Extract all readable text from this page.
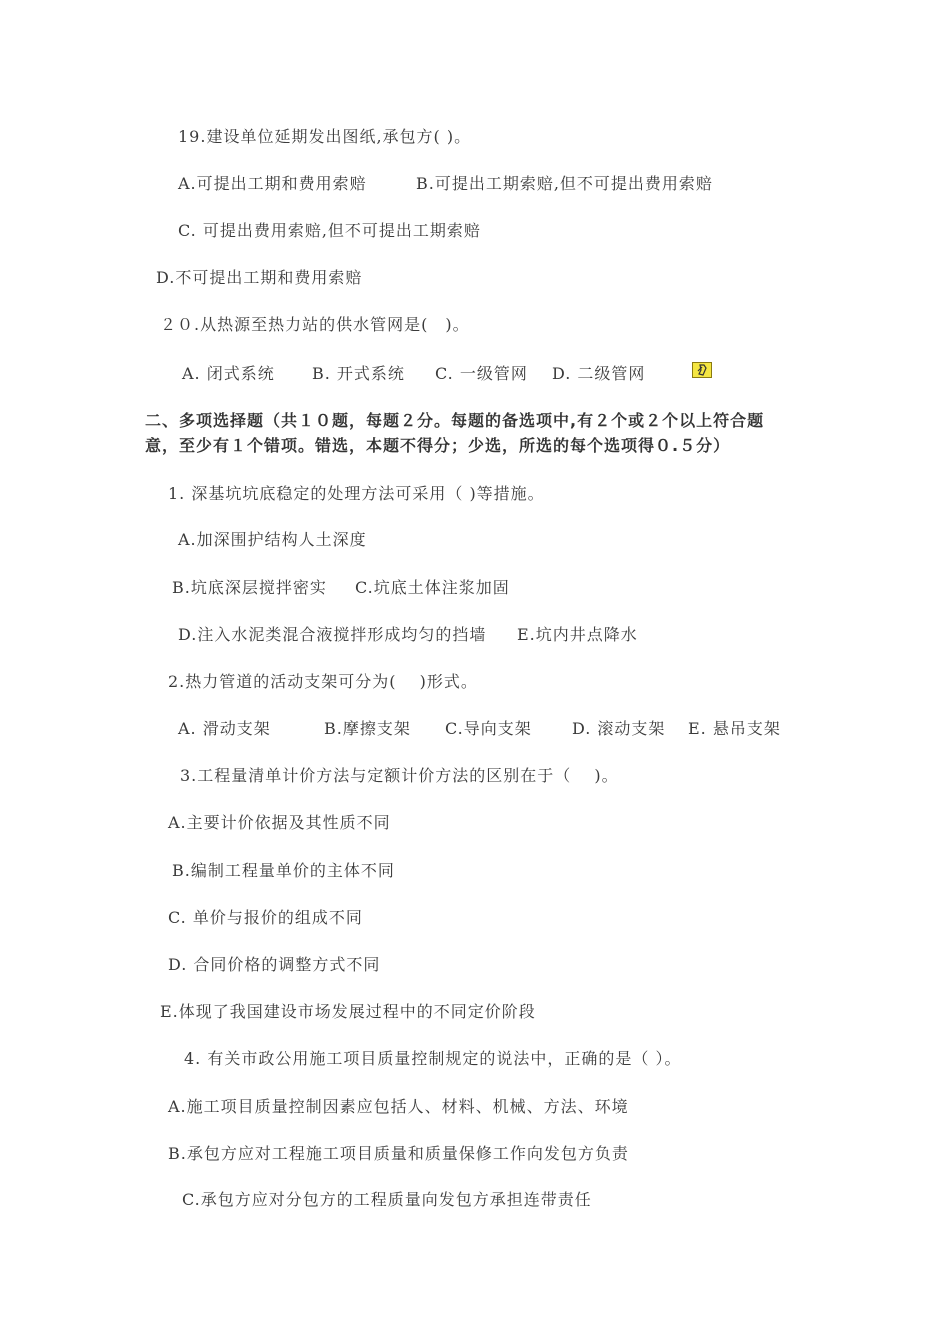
19.建设单位延期发出图纸,承包方( )。
A.可提出工期和费用索赔	B.可提出工期索赔,但不可提出费用索赔
C. 可提出费用索赔,但不可提出工期索赔
D.不可提出工期和费用索赔
２０.从热源至热力站的供水管网是(　)。
A. 闭式系统 B. 开式系统 C. 一级管网 D. 二级管网
二、多项选择题（共１０题，每题２分。每题的备选项中,有２个或２个以上符合题
意，至少有１个错项。错选，本题不得分；少选，所选的每个选项得０.５分）
1. 深基坑坑底稳定的处理方法可采用（ )等措施。
A.加深围护结构人土深度
B.坑底深层搅拌密实 C.坑底土体注浆加固
D.注入水泥类混合液搅拌形成均匀的挡墙 E.坑内井点降水
2.热力管道的活动支架可分为(　 )形式。
A. 滑动支架	B.摩擦支架 C.导向支架	D. 滚动支架 E. 悬吊支架
3.工程量清单计价方法与定额计价方法的区别在于（　 )。
A.主要计价依据及其性质不同
B.编制工程量单价的主体不同
C. 单价与报价的组成不同
D. 合同价格的调整方式不同
E.体现了我国建设市场发展过程中的不同定价阶段
4. 有关市政公用施工项目质量控制规定的说法中，正确的是（ ）。
A.施工项目质量控制因素应包括人、材料、机械、方法、环境
B.承包方应对工程施工项目质量和质量保修工作向发包方负责
C.承包方应对分包方的工程质量向发包方承担连带责任
